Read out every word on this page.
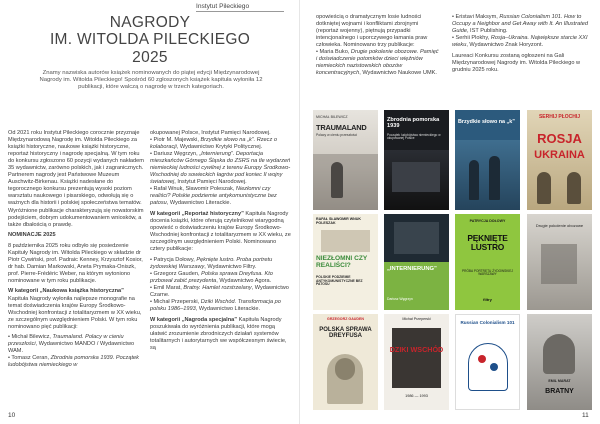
Instytut Pileckiego
NAGRODY
IM. WITOLDA PILECKIEGO
2025

Znamy nazwiska autorów książek nominowanych do piątej edycji Międzynarodowej Nagrody im. Witolda Pileckiego! Spośród 60 zgłoszonych książek kapituła wyłoniła 12 publikacji, które walczą o nagrodę w trzech kategoriach.

Od 2021 roku Instytut Pileckiego corocznie przyznaje Międzynarodową Nagrodę im. Witolda Pileckiego za książki historyczne, naukowe książki historyczne, reportaż historyczny i nagrodę specjalną. W tym roku do konkursu zgłoszono 60 pozycji wydanych nakładem 35 wydawnictw, zarówno polskich, jak i zagranicznych. Partnerem nagrody jest Państwowe Muzeum Auschwitz-Birkenau. Książki nadesłane do tegorocznego konkursu prezentują wysoki poziom warsztatu naukowego i pisarskiego, odwołują się o ważnych dla historii i polskiej społeczeństwa tematów. Wyróżnione publikacje charakteryzują się nowatorskim podejściem, dobrym udokumentowaniem wniosków, a także dbałością o prawdę.

NOMINACJE 2025

8 października 2025 roku odbyło się posiedzenie Kapituły Nagrody im. Witolda Pileckiego w składzie dr Piotr Cywiński, prof. Padraic Kenney, Krzysztof Kosior, dr hab. Damian Markowski, Aneta Prymaka-Oniszk, prof. Pierre-Frédéric Weber, na którym wytoniono nominowane w tym roku publikacje.

W kategorii „Naukowa książka historyczna” Kapituła Nagrody wyłoniła najlepsze monografie na temat doświadczenia krajów Europy Środkowo-Wschodniej konfrontacji z totalitaryzmem w XX wieku, ze szczególnym uwzględnieniem Polski. W tym roku nominowano pięć publikacji:

• Michał Bilewicz, Traumaland. Polacy w cieniu przeszłości, Wydawnictwo MANDO / Wydawnictwo WAM.

• Tomasz Ceran, Zbrodnia pomorska 1939. Początek ludobójstwa niemieckiego w

okupowanej Polsce, Instytut Pamięci Narodowej.

• Piotr M. Majewski, Brzydkie słowo na „k”. Rzecz o kolaboracji, Wydawnictwo Krytyki Politycznej.

• Dariusz Węgrzyn, „Internierung”. Deportacja mieszkańców Górnego Śląska do ZSRS na tle wydarzeń niemieckiej ludności cywilnej z terenu Europy Środkowo-Wschodniej do sowieckich łagrów pod koniec II wojny światowej, Instytut Pamięci Narodowej.

• Rafał Wnuk, Sławomir Poleszak, Niezłomni czy realiści? Polskie podziemie antykomunistyczne bez patosu, Wydawnictwo Literackie.

W kategorii „Reportaż historyczny” Kapituła Nagrody docenia książki, które oferują czytelnikowi wiarygodną opowieść o doświadczeniu krajów Europy Środkowo-Wschodniej konfrontacji z totalitaryzmem w XX wieku, ze szczególnym uwzględnieniem Polski. Nominowano cztery publikacje:

• Patrycja Dołowy, Pęknięte lustro. Proba portretu żydowskiej Warszawy, Wydawnictwo Filtry.

• Grzegorz Gauden, Polska sprawa Dreyfusa. Kto przbował zabić prezydenta, Wydawnictwo Agora.

• Emil Marat, Bratny. Hamlet rozstrzelany, Wydawnictwo Czarne.

• Michał Przeperski, Dziki Wschód. Transformacja po polsku 1986–1993, Wydawnictwo Literackie.

W kategorii „Nagroda specjalna” Kapituła Nagrody poszukiwała do wyróżnienia publikacji, które mogą ułatwić zrozumienie zbrodniczych działań systemów totalitarnych i autorytarnych we współczesnym świecie, są

10

opowieścią o dramatycznym losie ludności dotkniętej wojnami i konfliktami zbrojnymi (reportaż wojenny), piętnują przypadki intencjonalnego i uporczywego łamania praw człowieka. Nominowano trzy publikacje:

• Maria Buko, Drugie pokolenie obozowe. Pamięć i doświadczenie potomków dzieci więźniów niemieckich nazistowskich obozów koncentracyjnych, Wydawnictwo Naukowe UMK.

• Eristavi Maksym, Russian Colonialism 101. How to Occupy a Neighbor and Get Away with It. An Illustrated Guide, IST Publishing.

• Serhii Plokhy, Rosja–Ukraina. Największe starcie XXI wieku, Wydawnictwo Znak Horyzont.

Laureaci Konkursu zostaną ogłoszeni na Gali Międzynarodowej Nagrody im. Witolda Pileckiego w grudniu 2025 roku.

MICHAŁ BILEWICZ
TRAUMALAND
Polacy w cieniu przeszłości
Zbrodnia pomorska 1939
Początek ludobójstwa niemieckiego w okupowanej Polsce
Brzydkie słowo na „k”
SERHIJ PŁOCHIJ
ROSJA
UKRAINA
RAFAŁ SŁAWOMIR WNUK POLESZAK
NIEZŁOMNI CZY REALIŚCI?
POLSKIE PODZIEMIE ANTYKOMUNISTYCZNE BEZ PATOSU
„INTERNIERUNG”
Dariusz Węgrzyn
PATRYCJA DOŁOWY
PĘKNIĘTE LUSTRO
PRÓBA PORTRETU ŻYDOWSKIEJ WARSZAWY
filtry
Drugie pokolenie obozowe
GRZEGORZ GAUDEN
POLSKA SPRAWA DREYFUSA
Michał Przeperski
DZIKI WSCHÓD
1986 — 1993
Russian Colonialism 101
EMIL MARAT
BRATNY
11
